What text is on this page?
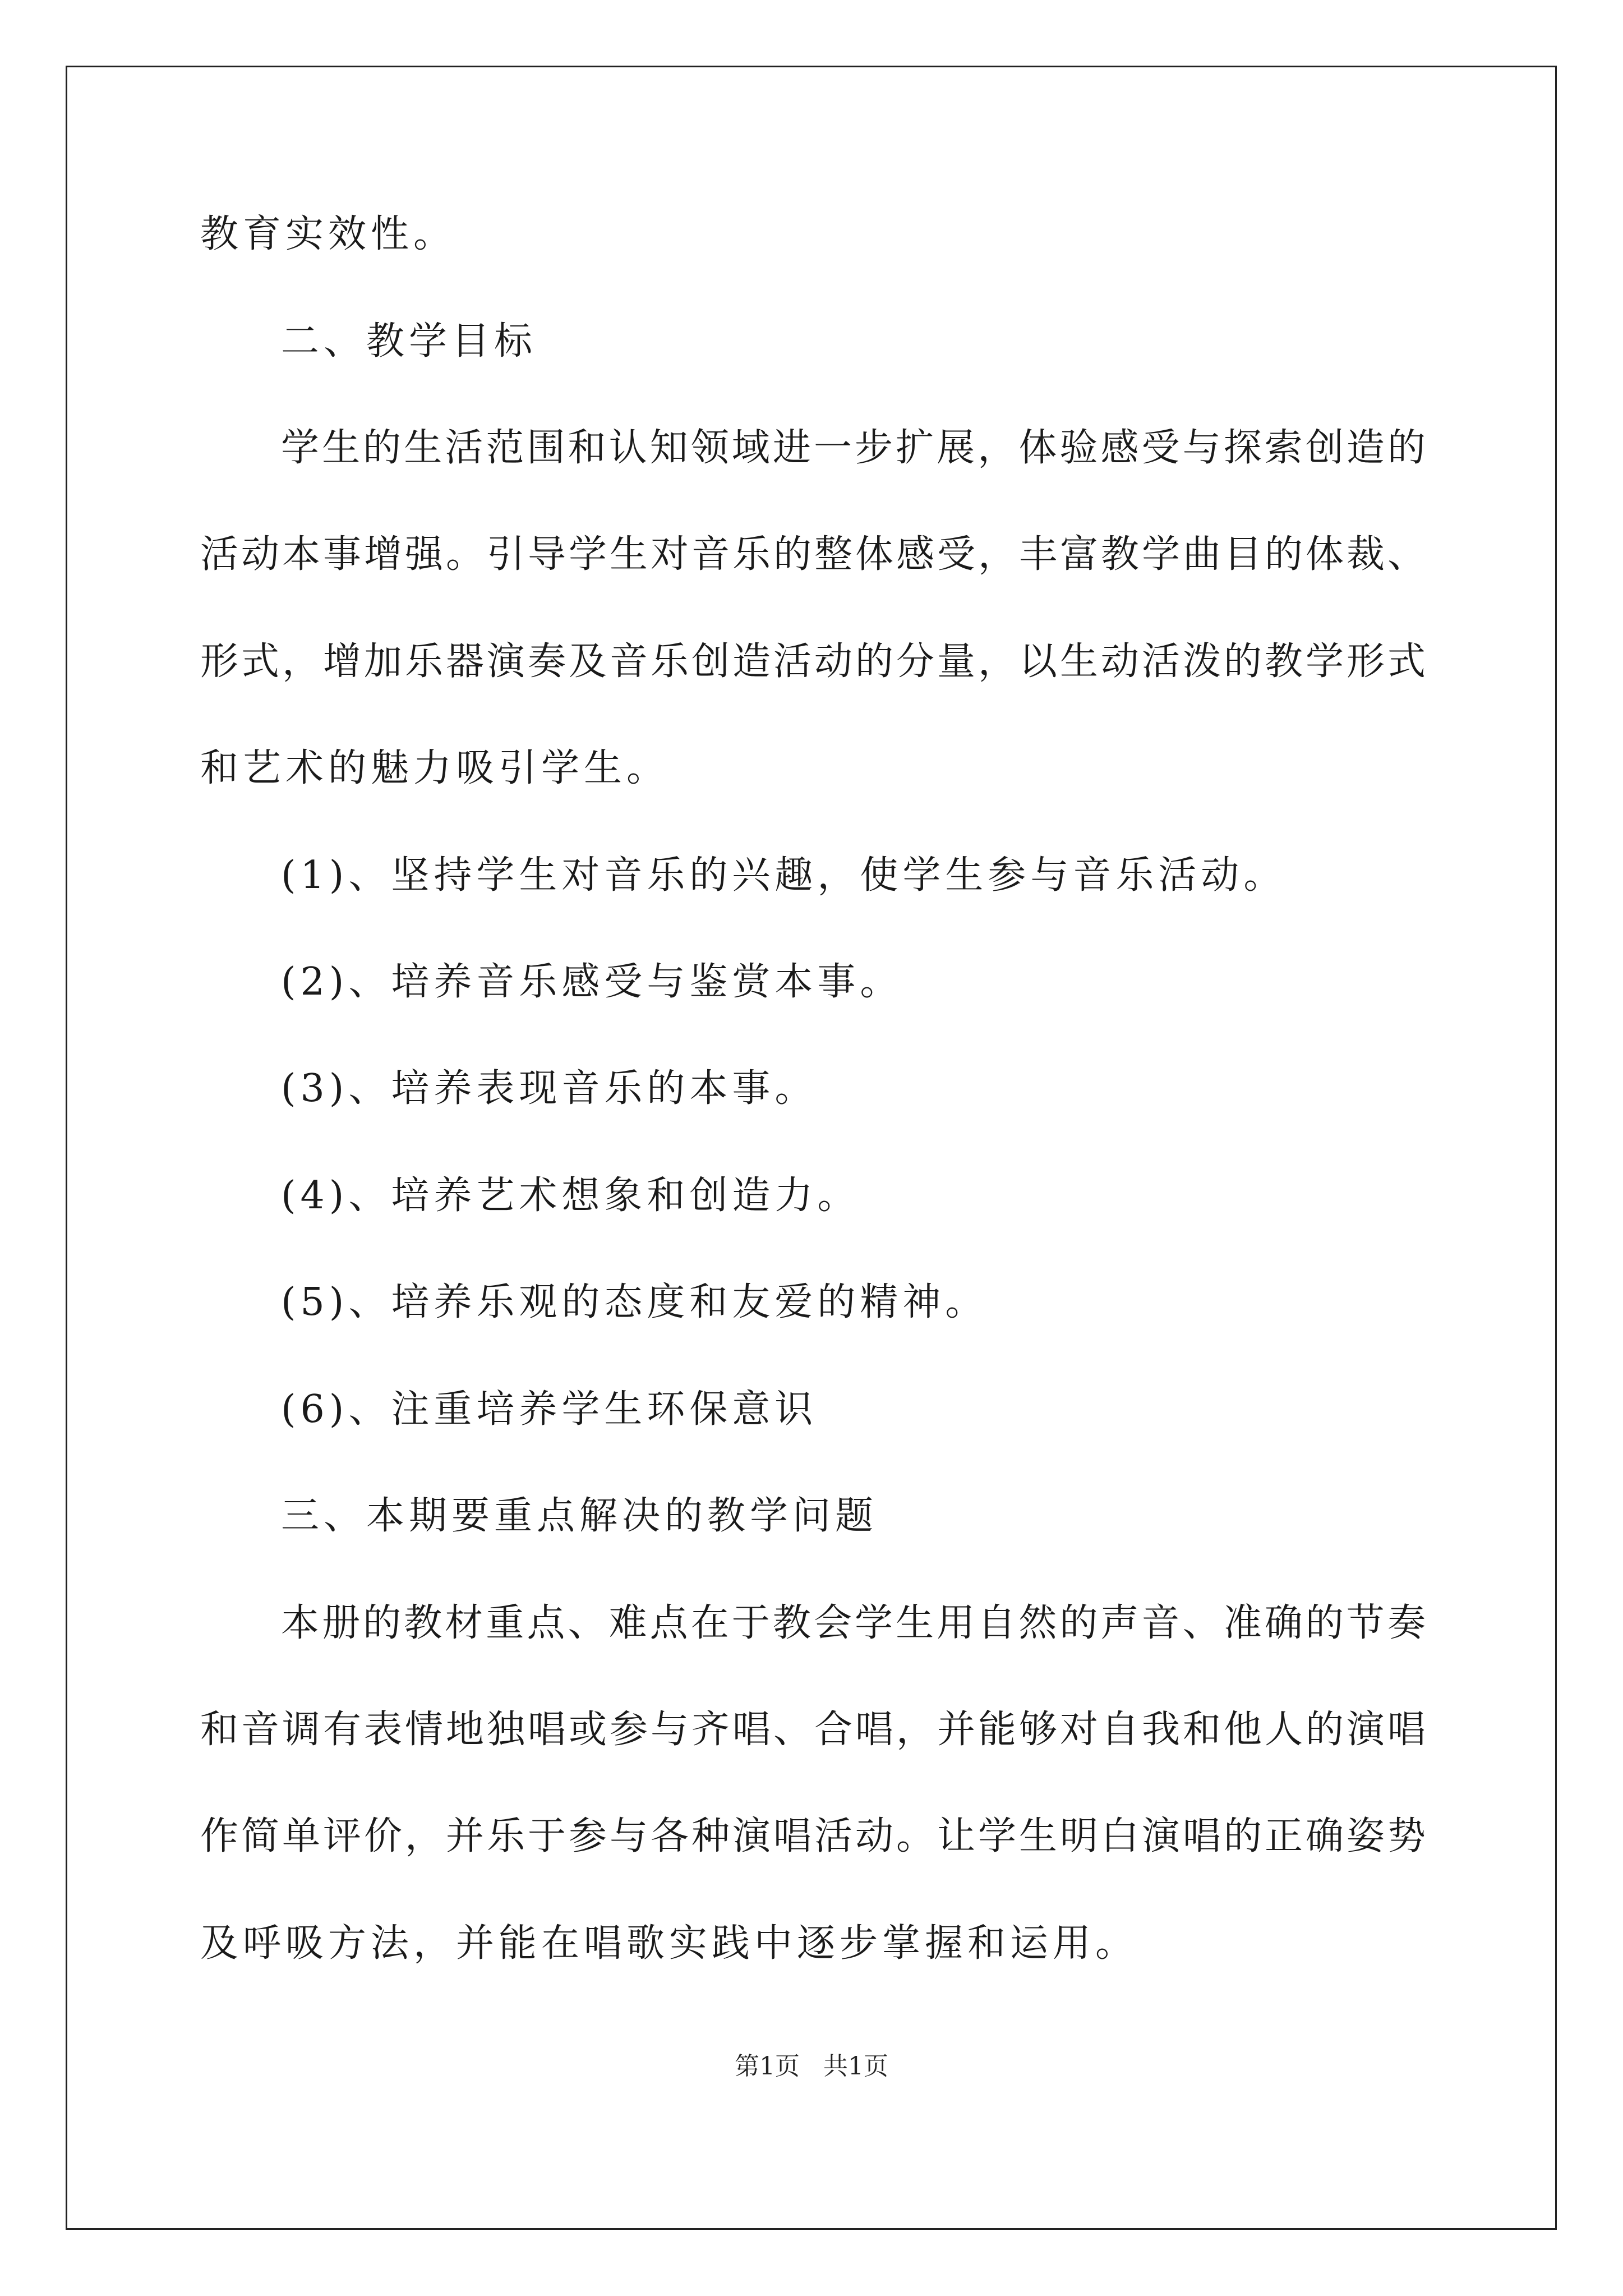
教育实效性。
二、教学目标
学生的生活范围和认知领域进一步扩展，体验感受与探索创造的
活动本事增强。引导学生对音乐的整体感受，丰富教学曲目的体裁、
形式，增加乐器演奏及音乐创造活动的分量，以生动活泼的教学形式
和艺术的魅力吸引学生。
(1)、坚持学生对音乐的兴趣，使学生参与音乐活动。
(2)、培养音乐感受与鉴赏本事。
(3)、培养表现音乐的本事。
(4)、培养艺术想象和创造力。
(5)、培养乐观的态度和友爱的精神。
(6)、注重培养学生环保意识
三、本期要重点解决的教学问题
本册的教材重点、难点在于教会学生用自然的声音、准确的节奏
和音调有表情地独唱或参与齐唱、合唱，并能够对自我和他人的演唱
作简单评价，并乐于参与各种演唱活动。让学生明白演唱的正确姿势
及呼吸方法，并能在唱歌实践中逐步掌握和运用。
第1页 共1页
